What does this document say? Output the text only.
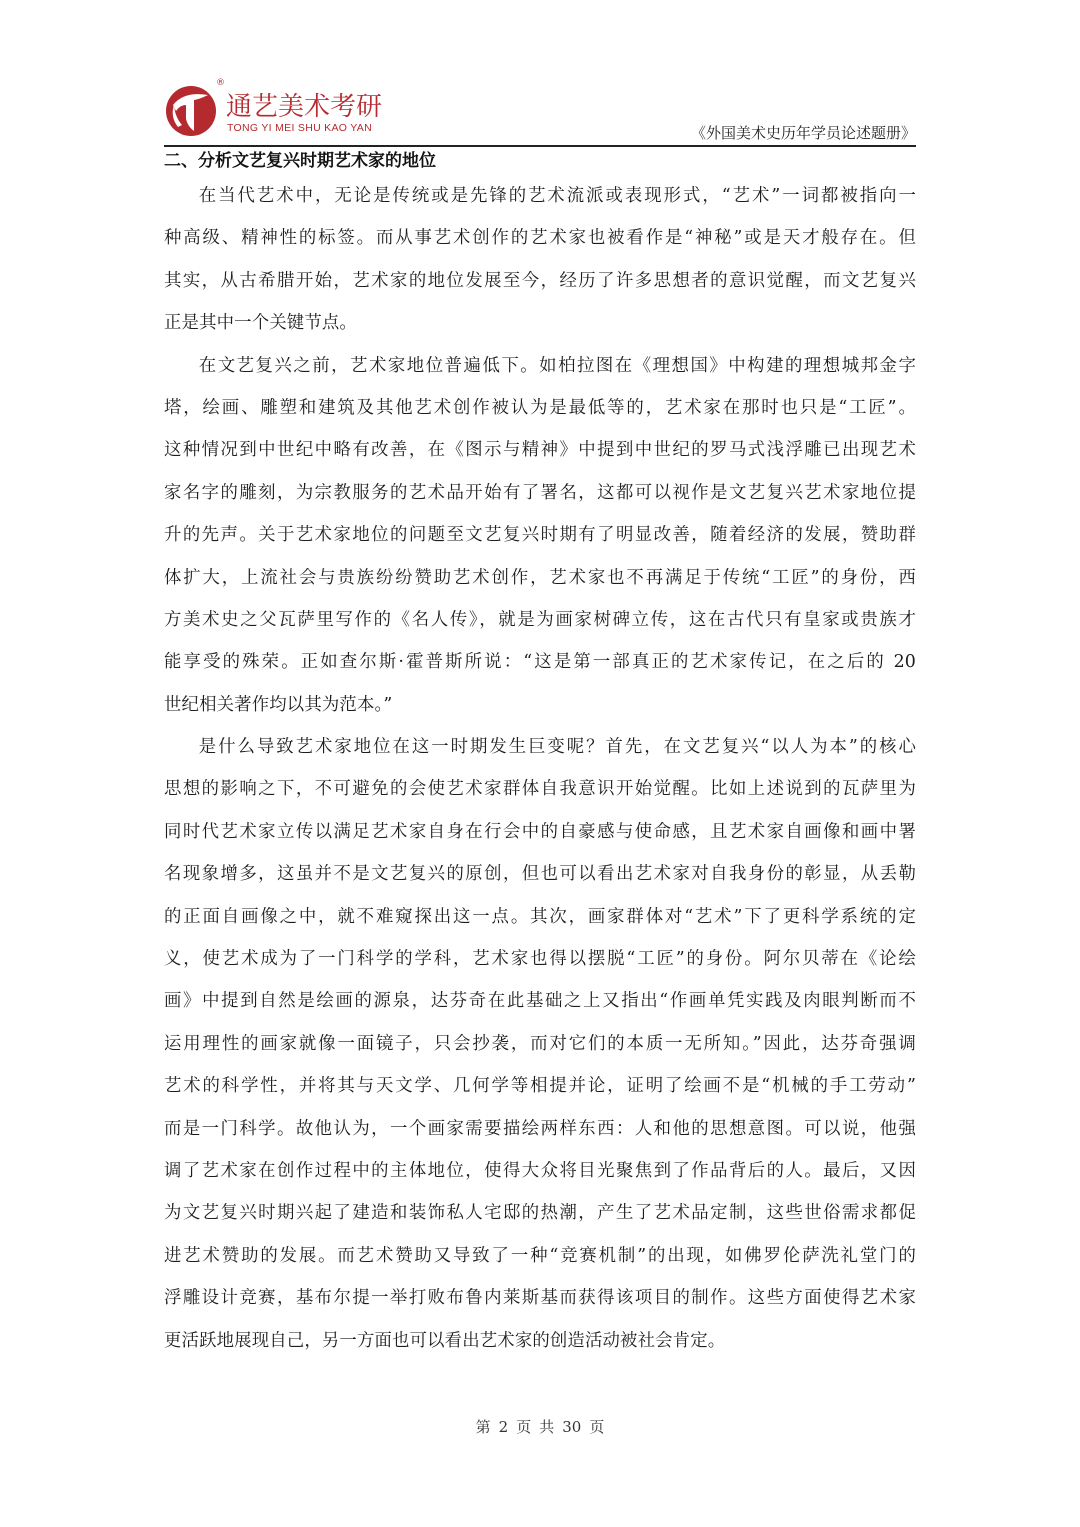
®
通艺美术考研
TONG YI MEI SHU KAO YAN	《外国美术史历年学员论述题册》
二、分析文艺复兴时期艺术家的地位

在当代艺术中，无论是传统或是先锋的艺术流派或表现形式，“艺术”一词都被指向一
种高级、精神性的标签。而从事艺术创作的艺术家也被看作是“神秘”或是天才般存在。但
其实，从古希腊开始，艺术家的地位发展至今，经历了许多思想者的意识觉醒，而文艺复兴
正是其中一个关键节点。

在文艺复兴之前，艺术家地位普遍低下。如柏拉图在《理想国》中构建的理想城邦金字
塔，绘画、雕塑和建筑及其他艺术创作被认为是最低等的，艺术家在那时也只是“工匠”。
这种情况到中世纪中略有改善，在《图示与精神》中提到中世纪的罗马式浅浮雕已出现艺术
家名字的雕刻，为宗教服务的艺术品开始有了署名，这都可以视作是文艺复兴艺术家地位提
升的先声。关于艺术家地位的问题至文艺复兴时期有了明显改善，随着经济的发展，赞助群
体扩大，上流社会与贵族纷纷赞助艺术创作，艺术家也不再满足于传统“工匠”的身份，西
方美术史之父瓦萨里写作的《名人传》，就是为画家树碑立传，这在古代只有皇家或贵族才
能享受的殊荣。正如查尔斯·霍普斯所说：“这是第一部真正的艺术家传记，在之后的 20
世纪相关著作均以其为范本。”

是什么导致艺术家地位在这一时期发生巨变呢？首先，在文艺复兴“以人为本”的核心
思想的影响之下，不可避免的会使艺术家群体自我意识开始觉醒。比如上述说到的瓦萨里为
同时代艺术家立传以满足艺术家自身在行会中的自豪感与使命感，且艺术家自画像和画中署
名现象增多，这虽并不是文艺复兴的原创，但也可以看出艺术家对自我身份的彰显，从丢勒
的正面自画像之中，就不难窥探出这一点。其次，画家群体对“艺术”下了更科学系统的定
义，使艺术成为了一门科学的学科，艺术家也得以摆脱“工匠”的身份。阿尔贝蒂在《论绘
画》中提到自然是绘画的源泉，达芬奇在此基础之上又指出“作画单凭实践及肉眼判断而不
运用理性的画家就像一面镜子，只会抄袭，而对它们的本质一无所知。”因此，达芬奇强调
艺术的科学性，并将其与天文学、几何学等相提并论，证明了绘画不是“机械的手工劳动”
而是一门科学。故他认为，一个画家需要描绘两样东西：人和他的思想意图。可以说，他强
调了艺术家在创作过程中的主体地位，使得大众将目光聚焦到了作品背后的人。最后，又因
为文艺复兴时期兴起了建造和装饰私人宅邸的热潮，产生了艺术品定制，这些世俗需求都促
进艺术赞助的发展。而艺术赞助又导致了一种“竞赛机制”的出现，如佛罗伦萨洗礼堂门的
浮雕设计竞赛，基布尔提一举打败布鲁内莱斯基而获得该项目的制作。这些方面使得艺术家
更活跃地展现自己，另一方面也可以看出艺术家的创造活动被社会肯定。

第 2 页 共 30 页
